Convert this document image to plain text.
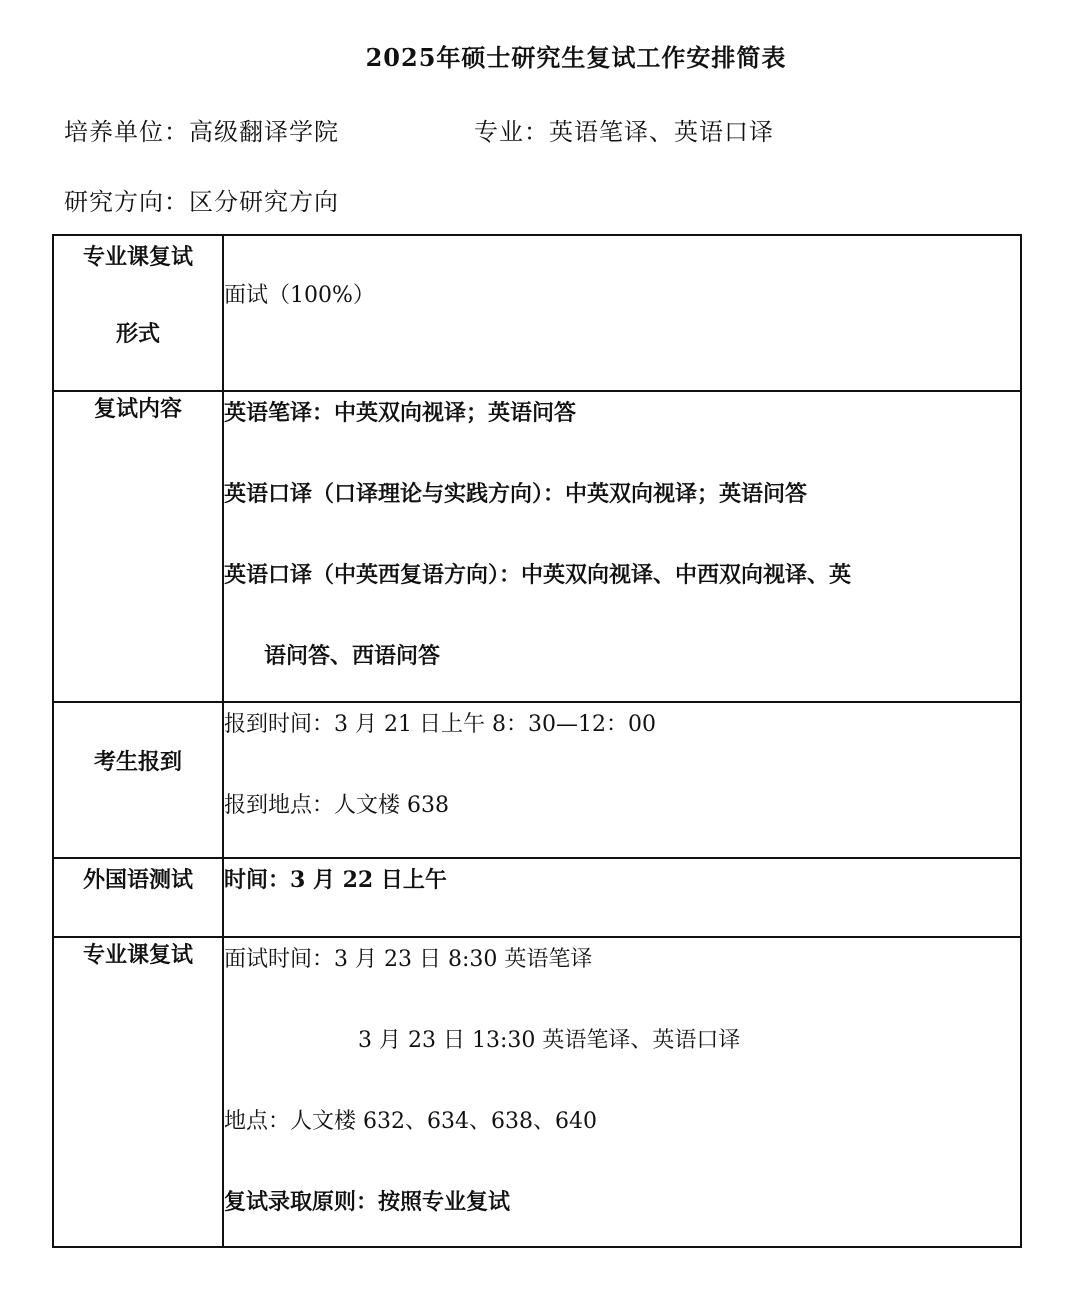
2025年硕士研究生复试工作安排简表
培养单位：高级翻译学院	专业：英语笔译、英语口译
研究方向：区分研究方向
专业课复试
形式	面试（100%）

复试内容	英语笔译：中英双向视译；英语问答
英语口译（口译理论与实践方向）：中英双向视译；英语问答
英语口译（中英西复语方向）：中英双向视译、中西双向视译、英
语问答、西语问答

考生报到	报到时间：3 月 21 日上午 8：30—12：00
报到地点：人文楼 638

外国语测试	时间：3 月 22 日上午

专业课复试	面试时间：3 月 23 日 8:30 英语笔译
3 月 23 日 13:30 英语笔译、英语口译
地点：人文楼 632、634、638、640
复试录取原则：按照专业复试
